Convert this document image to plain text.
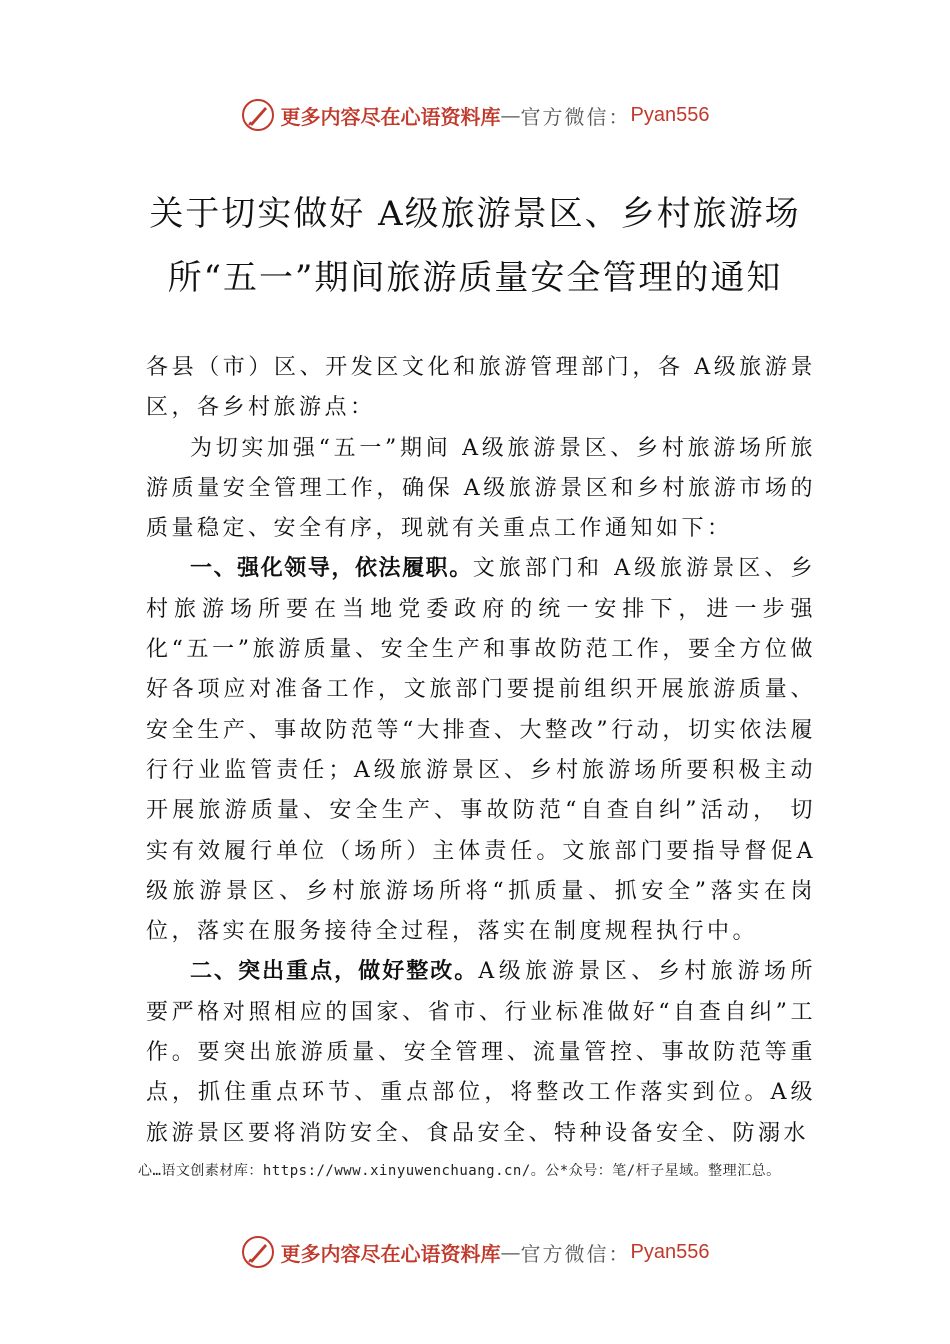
更多内容尽在心语资料库 — 官方微信： Pyan556
关于切实做好 A级旅游景区、乡村旅游场
所“五一”期间旅游质量安全管理的通知

各县（市）区、开发区文化和旅游管理部门，各 A级旅游景区，各乡村旅游点：

为切实加强“五一”期间 A级旅游景区、乡村旅游场所旅游质量安全管理工作，确保 A级旅游景区和乡村旅游市场的质量稳定、安全有序，现就有关重点工作通知如下：

一、强化领导，依法履职。文旅部门和 A级旅游景区、乡村旅游场所要在当地党委政府的统一安排下，进一步强化“五一”旅游质量、安全生产和事故防范工作，要全方位做好各项应对准备工作，文旅部门要提前组织开展旅游质量、 安全生产、事故防范等“大排查、大整改”行动，切实依法履行行业监管责任；A级旅游景区、乡村旅游场所要积极主动开展旅游质量、安全生产、事故防范“自查自纠”活动， 切实有效履行单位（场所）主体责任。文旅部门要指导督促A级旅游景区、乡村旅游场所将“抓质量、抓安全”落实在岗位，落实在服务接待全过程，落实在制度规程执行中。

二、突出重点，做好整改。A级旅游景区、乡村旅游场所要严格对照相应的国家、省市、行业标准做好“自查自纠”工作。要突出旅游质量、安全管理、流量管控、事故防范等重点，抓住重点环节、重点部位，将整改工作落实到位。A级旅游景区要将消防安全、食品安全、特种设备安全、防溺水

心…语文创素材库：https://www.xinyuwenchuang.cn/。公*众号：笔/杆子星域。整理汇总。
更多内容尽在心语资料库 — 官方微信： Pyan556
